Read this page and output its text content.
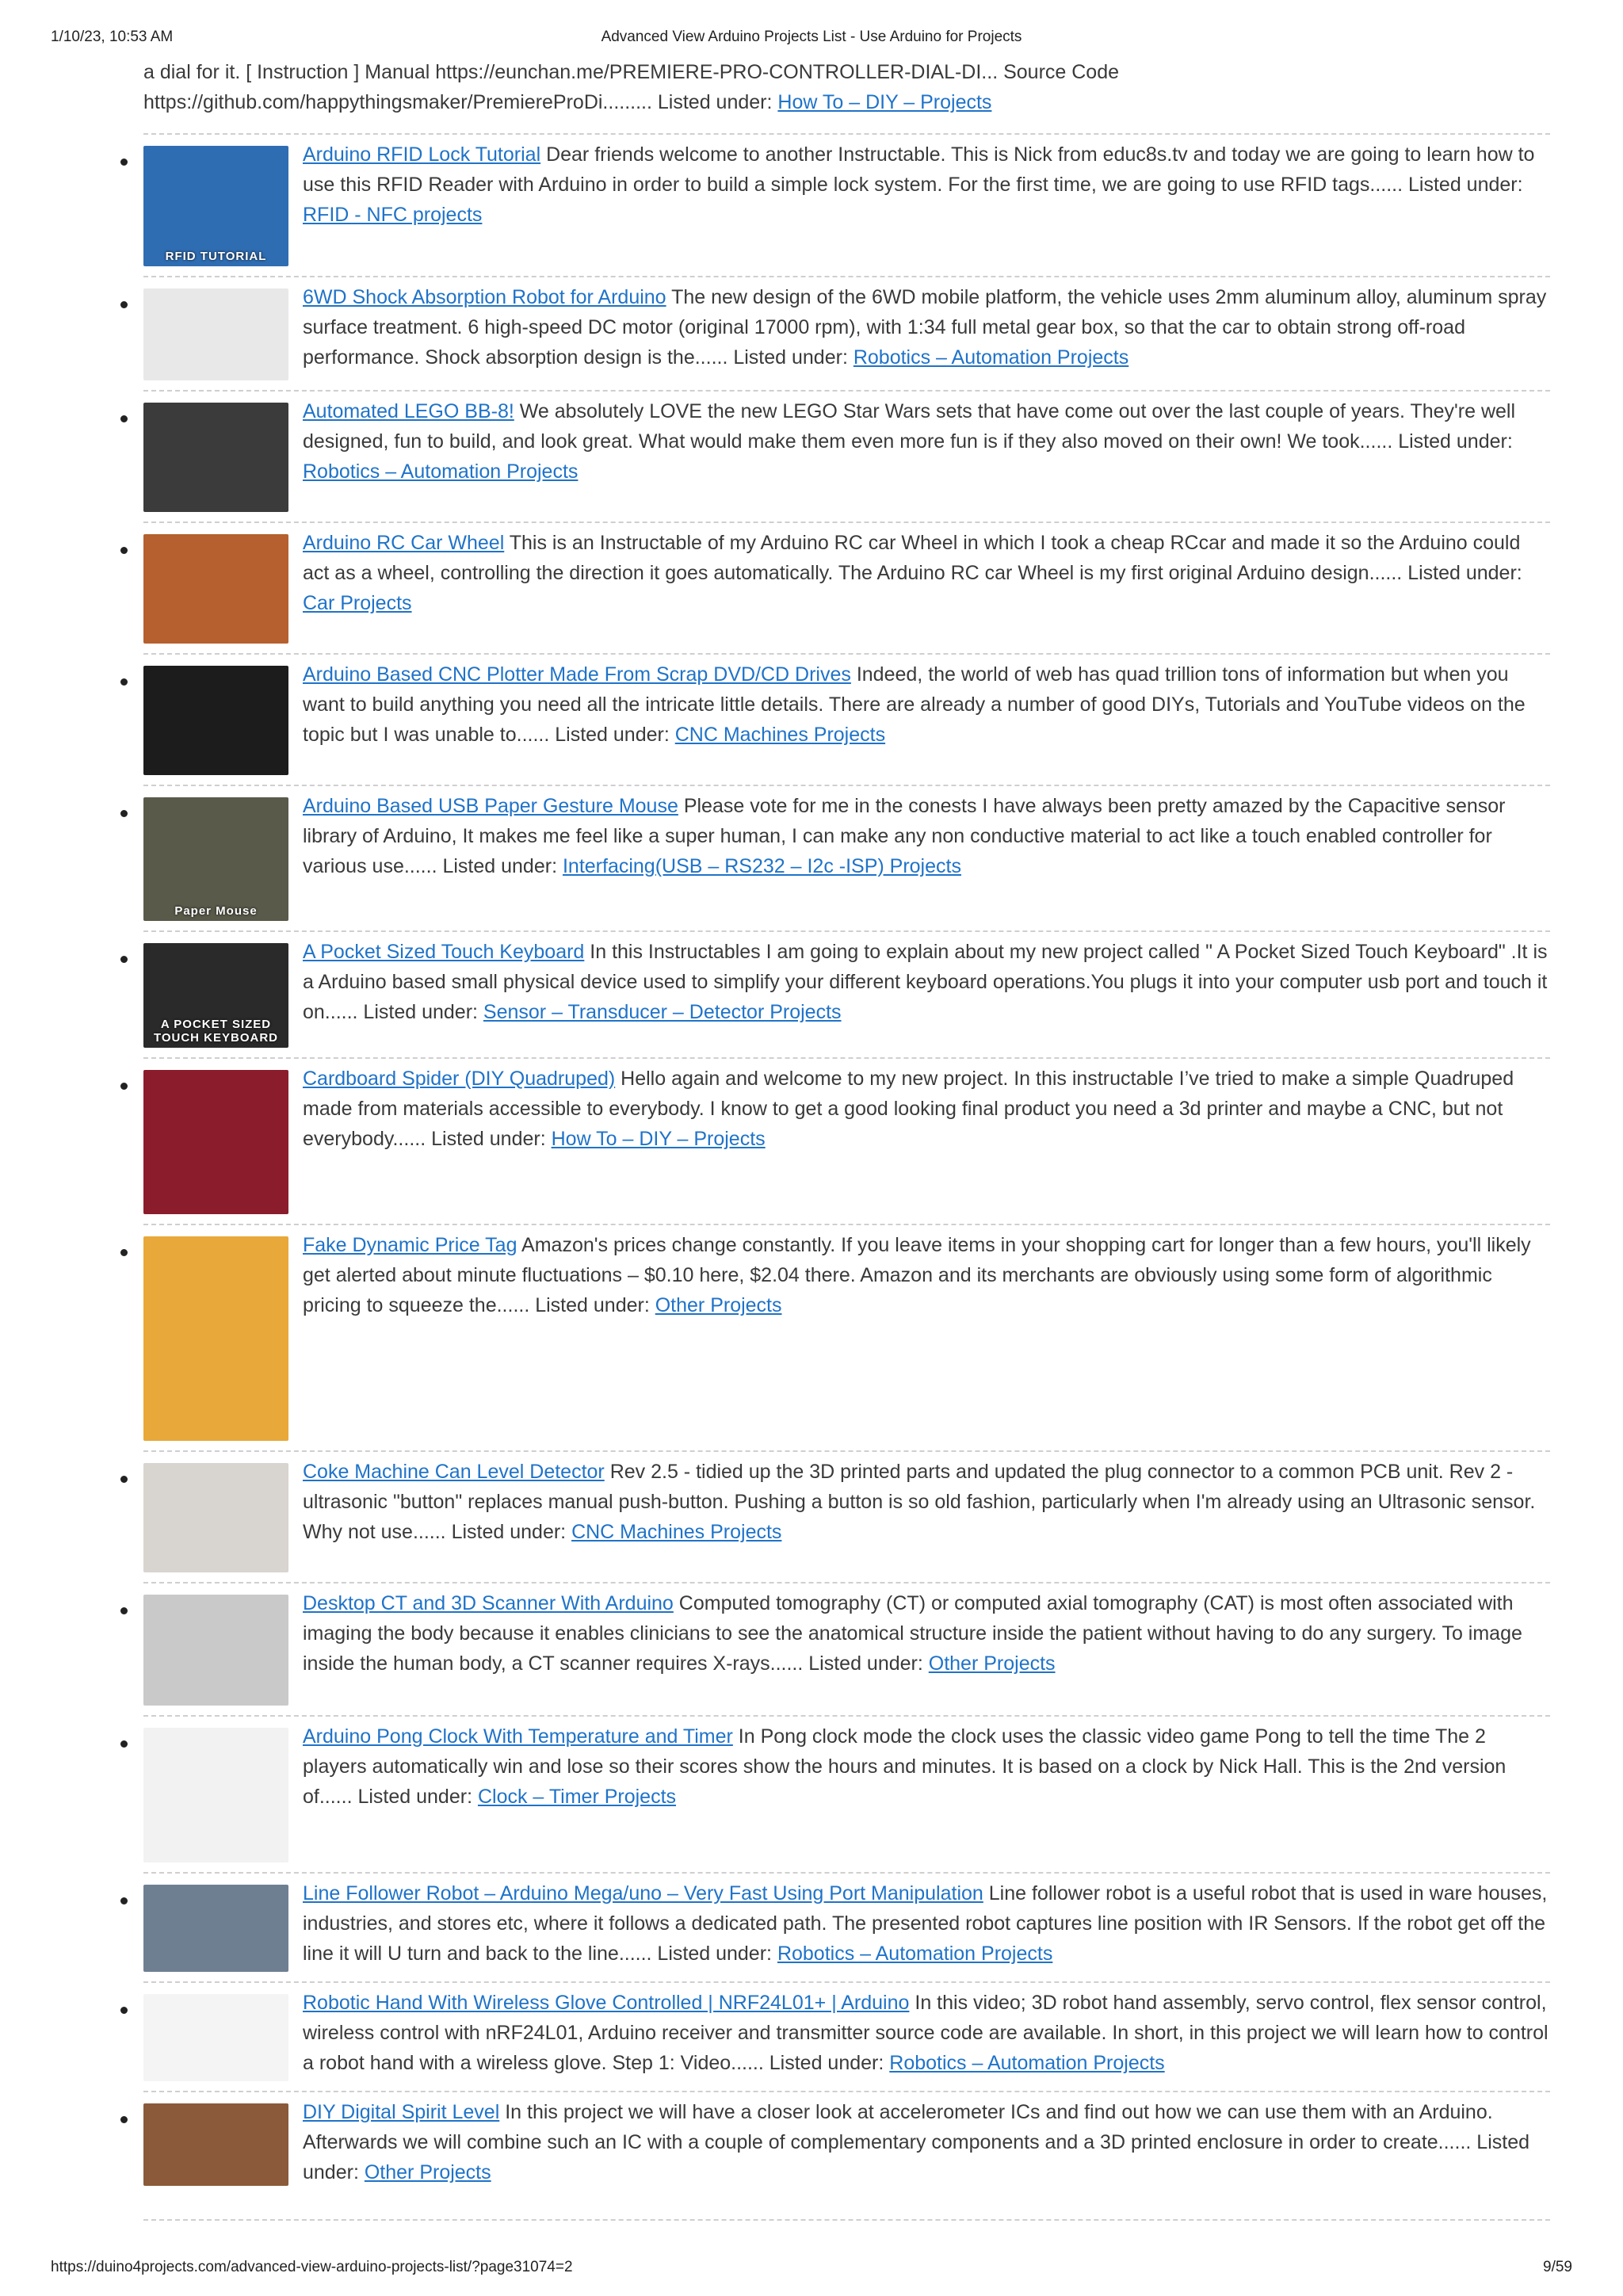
1/10/23, 10:53 AM	Advanced View Arduino Projects List - Use Arduino for Projects

a dial for it. [ Instruction ] Manual https://eunchan.me/PREMIERE-PRO-CONTROLLER-DIAL-DI... Source Code https://github.com/happythingsmaker/PremiereProDi......... Listed under: How To – DIY – Projects

RFID TUTORIAL
Arduino RFID Lock Tutorial Dear friends welcome to another Instructable. This is Nick from educ8s.tv and today we are going to learn how to use this RFID Reader with Arduino in order to build a simple lock system. For the first time, we are going to use RFID tags...... Listed under: RFID - NFC projects
6WD Shock Absorption Robot for Arduino The new design of the 6WD mobile platform, the vehicle uses 2mm aluminum alloy, aluminum spray surface treatment. 6 high-speed DC motor (original 17000 rpm), with 1:34 full metal gear box, so that the car to obtain strong off-road performance. Shock absorption design is the...... Listed under: Robotics – Automation Projects
Automated LEGO BB-8! We absolutely LOVE the new LEGO Star Wars sets that have come out over the last couple of years. They're well designed, fun to build, and look great. What would make them even more fun is if they also moved on their own! We took...... Listed under: Robotics – Automation Projects
Arduino RC Car Wheel This is an Instructable of my Arduino RC car Wheel in which I took a cheap RCcar and made it so the Arduino could act as a wheel, controlling the direction it goes automatically. The Arduino RC car Wheel is my first original Arduino design...... Listed under: Car Projects
Arduino Based CNC Plotter Made From Scrap DVD/CD Drives Indeed, the world of web has quad trillion tons of information but when you want to build anything you need all the intricate little details. There are already a number of good DIYs, Tutorials and YouTube videos on the topic but I was unable to...... Listed under: CNC Machines Projects
Paper Mouse
Arduino Based USB Paper Gesture Mouse Please vote for me in the conests I have always been pretty amazed by the Capacitive sensor library of Arduino, It makes me feel like a super human, I can make any non conductive material to act like a touch enabled controller for various use...... Listed under: Interfacing(USB – RS232 – I2c -ISP) Projects
A POCKET SIZED TOUCH KEYBOARD
A Pocket Sized Touch Keyboard In this Instructables I am going to explain about my new project called " A Pocket Sized Touch Keyboard" .It is a Arduino based small physical device used to simplify your different keyboard operations.You plugs it into your computer usb port and touch it on...... Listed under: Sensor – Transducer – Detector Projects
Cardboard Spider (DIY Quadruped) Hello again and welcome to my new project. In this instructable I’ve tried to make a simple Quadruped made from materials accessible to everybody. I know to get a good looking final product you need a 3d printer and maybe a CNC, but not everybody...... Listed under: How To – DIY – Projects
Fake Dynamic Price Tag Amazon's prices change constantly. If you leave items in your shopping cart for longer than a few hours, you'll likely get alerted about minute fluctuations – $0.10 here, $2.04 there. Amazon and its merchants are obviously using some form of algorithmic pricing to squeeze the...... Listed under: Other Projects
Coke Machine Can Level Detector Rev 2.5 - tidied up the 3D printed parts and updated the plug connector to a common PCB unit. Rev 2 - ultrasonic "button" replaces manual push-button. Pushing a button is so old fashion, particularly when I'm already using an Ultrasonic sensor. Why not use...... Listed under: CNC Machines Projects
Desktop CT and 3D Scanner With Arduino Computed tomography (CT) or computed axial tomography (CAT) is most often associated with imaging the body because it enables clinicians to see the anatomical structure inside the patient without having to do any surgery. To image inside the human body, a CT scanner requires X-rays...... Listed under: Other Projects
Arduino Pong Clock With Temperature and Timer In Pong clock mode the clock uses the classic video game Pong to tell the time The 2 players automatically win and lose so their scores show the hours and minutes. It is based on a clock by Nick Hall. This is the 2nd version of...... Listed under: Clock – Timer Projects
Line Follower Robot – Arduino Mega/uno – Very Fast Using Port Manipulation Line follower robot is a useful robot that is used in ware houses, industries, and stores etc, where it follows a dedicated path. The presented robot captures line position with IR Sensors. If the robot get off the line it will U turn and back to the line...... Listed under: Robotics – Automation Projects
Robotic Hand With Wireless Glove Controlled | NRF24L01+ | Arduino In this video; 3D robot hand assembly, servo control, flex sensor control, wireless control with nRF24L01, Arduino receiver and transmitter source code are available. In short, in this project we will learn how to control a robot hand with a wireless glove. Step 1: Video...... Listed under: Robotics – Automation Projects
DIY Digital Spirit Level In this project we will have a closer look at accelerometer ICs and find out how we can use them with an Arduino. Afterwards we will combine such an IC with a couple of complementary components and a 3D printed enclosure in order to create...... Listed under: Other Projects
https://duino4projects.com/advanced-view-arduino-projects-list/?page31074=2	9/59
